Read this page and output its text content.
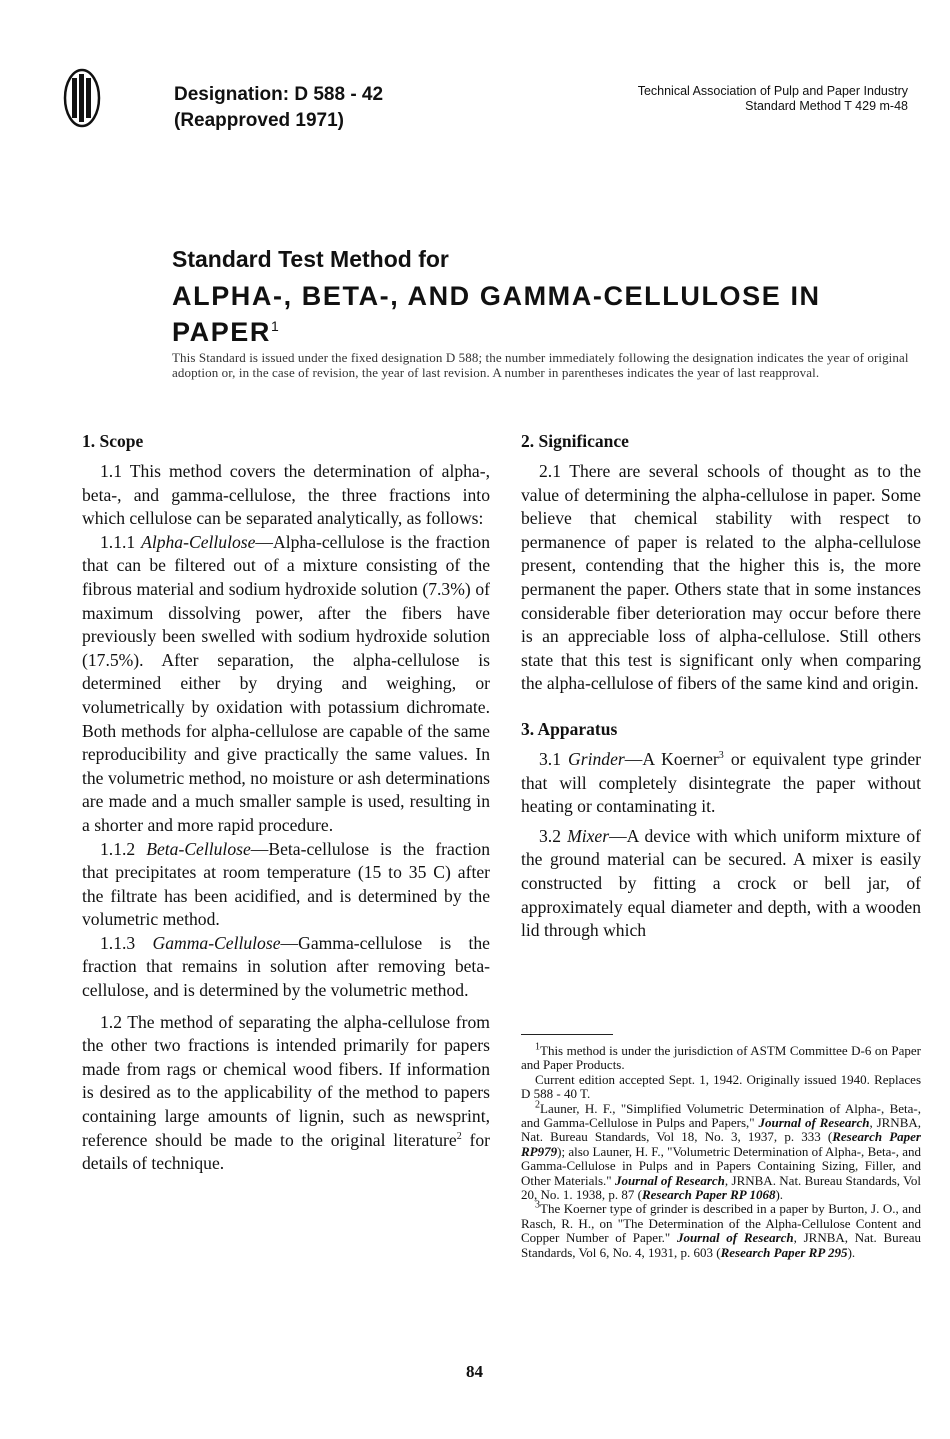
Designation: D 588 - 42
(Reapproved 1971)
Technical Association of Pulp and Paper Industry
Standard Method T 429 m-48
Standard Test Method for
ALPHA-, BETA-, AND GAMMA-CELLULOSE IN PAPER$^1$
This Standard is issued under the fixed designation D 588; the number immediately following the designation indicates the year of original adoption or, in the case of revision, the year of last revision. A number in parentheses indicates the year of last reapproval.
1. Scope

1.1 This method covers the determination of alpha-, beta-, and gamma-cellulose, the three fractions into which cellulose can be separated analytically, as follows:

1.1.1 Alpha-Cellulose—Alpha-cellulose is the fraction that can be filtered out of a mixture consisting of the fibrous material and sodium hydroxide solution (7.3%) of maximum dissolving power, after the fibers have previously been swelled with sodium hydroxide solution (17.5%). After separation, the alpha-cellulose is determined either by drying and weighing, or volumetrically by oxidation with potassium dichromate. Both methods for alpha-cellulose are capable of the same reproducibility and give practically the same values. In the volumetric method, no moisture or ash determinations are made and a much smaller sample is used, resulting in a shorter and more rapid procedure.

1.1.2 Beta-Cellulose—Beta-cellulose is the fraction that precipitates at room temperature (15 to 35 C) after the filtrate has been acidified, and is determined by the volumetric method.

1.1.3 Gamma-Cellulose—Gamma-cellulose is the fraction that remains in solution after removing beta-cellulose, and is determined by the volumetric method.

1.2 The method of separating the alpha-cellulose from the other two fractions is intended primarily for papers made from rags or chemical wood fibers. If information is desired as to the applicability of the method to papers containing large amounts of lignin, such as newsprint, reference should be made to the original literature$^2$ for details of technique.

2. Significance

2.1 There are several schools of thought as to the value of determining the alpha-cellulose in paper. Some believe that chemical stability with respect to permanence of paper is related to the alpha-cellulose present, contending that the higher this is, the more permanent the paper. Others state that in some instances considerable fiber deterioration may occur before there is an appreciable loss of alpha-cellulose. Still others state that this test is significant only when comparing the alpha-cellulose of fibers of the same kind and origin.

3. Apparatus

3.1 Grinder—A Koerner$^3$ or equivalent type grinder that will completely disintegrate the paper without heating or contaminating it.

3.2 Mixer—A device with which uniform mixture of the ground material can be secured. A mixer is easily constructed by fitting a crock or bell jar, of approximately equal diameter and depth, with a wooden lid through which

$^1$This method is under the jurisdiction of ASTM Committee D-6 on Paper and Paper Products.

Current edition accepted Sept. 1, 1942. Originally issued 1940. Replaces D 588 - 40 T.

$^2$Launer, H. F., "Simplified Volumetric Determination of Alpha-, Beta-, and Gamma-Cellulose in Pulps and Papers," Journal of Research, JRNBA, Nat. Bureau Standards, Vol 18, No. 3, 1937, p. 333 (Research Paper RP979); also Launer, H. F., "Volumetric Determination of Alpha-, Beta-, and Gamma-Cellulose in Pulps and in Papers Containing Sizing, Filler, and Other Materials." Journal of Research, JRNBA. Nat. Bureau Standards, Vol 20, No. 1. 1938, p. 87 (Research Paper RP 1068).

$^3$The Koerner type of grinder is described in a paper by Burton, J. O., and Rasch, R. H., on "The Determination of the Alpha-Cellulose Content and Copper Number of Paper." Journal of Research, JRNBA, Nat. Bureau Standards, Vol 6, No. 4, 1931, p. 603 (Research Paper RP 295).

84
